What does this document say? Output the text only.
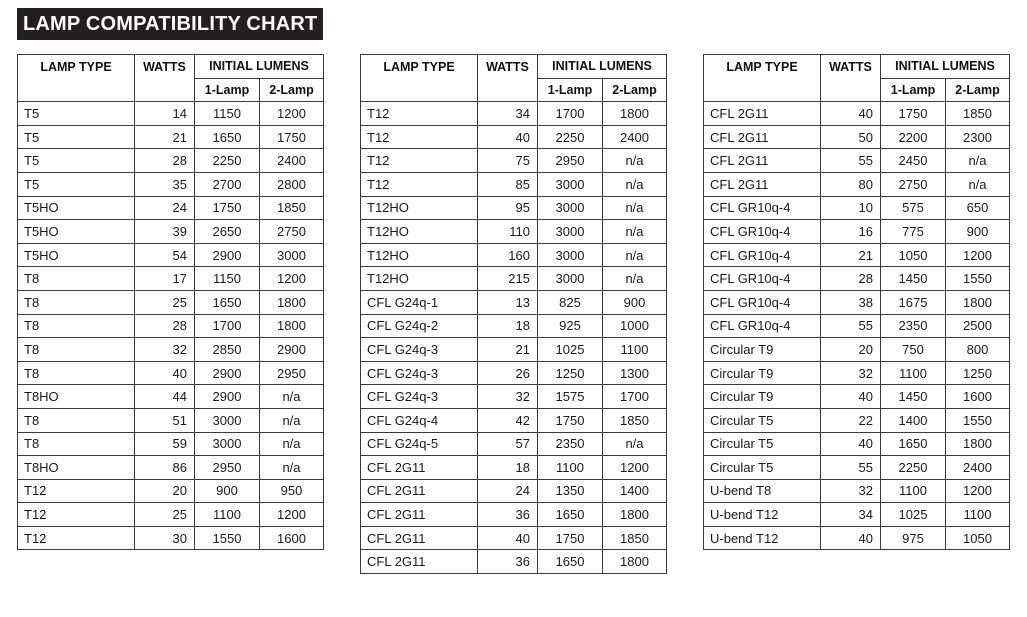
LAMP COMPATIBILITY CHART
LAMP TYPE	WATTS	INITIAL LUMENS	
		1-Lamp	2-Lamp
T5	14	1150	1200
T5	21	1650	1750
T5	28	2250	2400
T5	35	2700	2800
T5HO	24	1750	1850
T5HO	39	2650	2750
T5HO	54	2900	3000
T8	17	1150	1200
T8	25	1650	1800
T8	28	1700	1800
T8	32	2850	2900
T8	40	2900	2950
T8HO	44	2900	n/a
T8	51	3000	n/a
T8	59	3000	n/a
T8HO	86	2950	n/a
T12	20	900	950
T12	25	1100	1200
T12	30	1550	1600
LAMP TYPE	WATTS	INITIAL LUMENS	
		1-Lamp	2-Lamp
T12	34	1700	1800
T12	40	2250	2400
T12	75	2950	n/a
T12	85	3000	n/a
T12HO	95	3000	n/a
T12HO	110	3000	n/a
T12HO	160	3000	n/a
T12HO	215	3000	n/a
CFL G24q-1	13	825	900
CFL G24q-2	18	925	1000
CFL G24q-3	21	1025	1100
CFL G24q-3	26	1250	1300
CFL G24q-3	32	1575	1700
CFL G24q-4	42	1750	1850
CFL G24q-5	57	2350	n/a
CFL 2G11	18	1100	1200
CFL 2G11	24	1350	1400
CFL 2G11	36	1650	1800
CFL 2G11	40	1750	1850
CFL 2G11	36	1650	1800
LAMP TYPE	WATTS	INITIAL LUMENS	
		1-Lamp	2-Lamp
CFL 2G11	40	1750	1850
CFL 2G11	50	2200	2300
CFL 2G11	55	2450	n/a
CFL 2G11	80	2750	n/a
CFL GR10q-4	10	575	650
CFL GR10q-4	16	775	900
CFL GR10q-4	21	1050	1200
CFL GR10q-4	28	1450	1550
CFL GR10q-4	38	1675	1800
CFL GR10q-4	55	2350	2500
Circular T9	20	750	800
Circular T9	32	1100	1250
Circular T9	40	1450	1600
Circular T5	22	1400	1550
Circular T5	40	1650	1800
Circular T5	55	2250	2400
U-bend T8	32	1100	1200
U-bend T12	34	1025	1100
U-bend T12	40	975	1050
